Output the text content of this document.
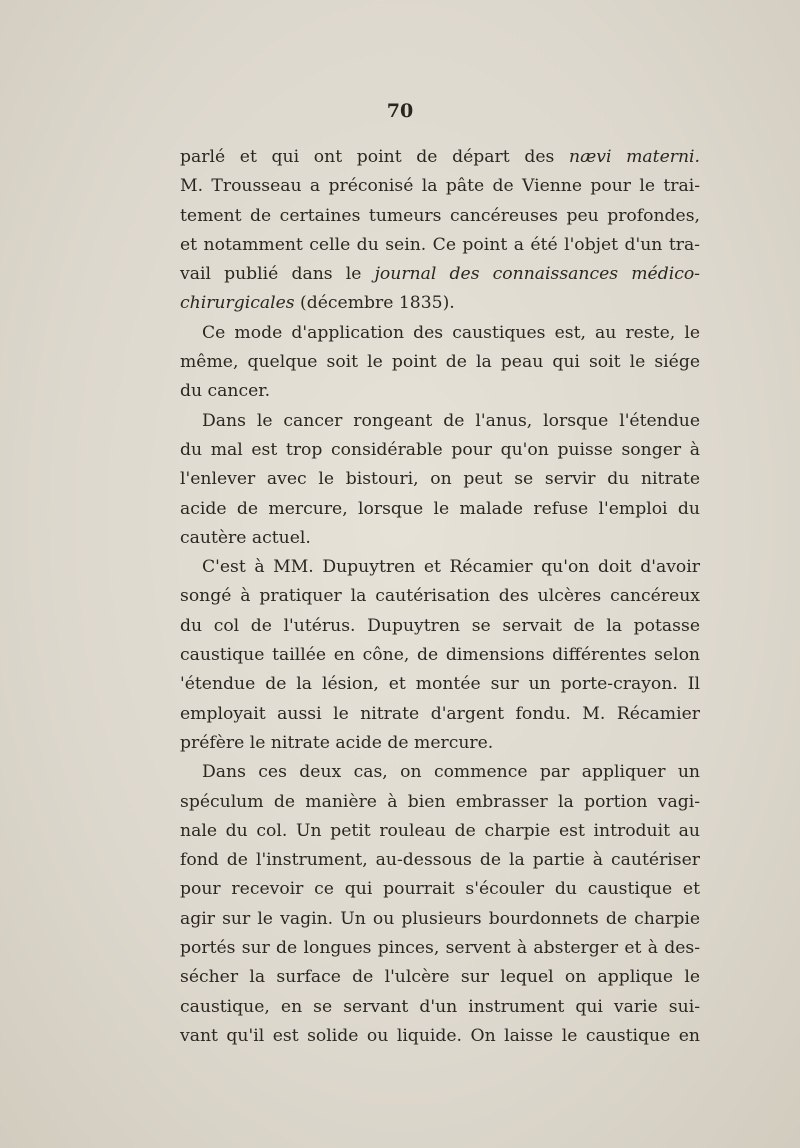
70
parlé et qui ont point de départ des nævi materni.
M. Trousseau a préconisé la pâte de Vienne pour le trai-
tement de certaines tumeurs cancéreuses peu profondes,
et notamment celle du sein. Ce point a été l'objet d'un tra-
vail publié dans le journal des connaissances médico-
chirurgicales (décembre 1835).
Ce mode d'application des caustiques est, au reste, le
même, quelque soit le point de la peau qui soit le siége
du cancer.
Dans le cancer rongeant de l'anus, lorsque l'étendue
du mal est trop considérable pour qu'on puisse songer à
l'enlever avec le bistouri, on peut se servir du nitrate
acide de mercure, lorsque le malade refuse l'emploi du
cautère actuel.
C'est à MM. Dupuytren et Récamier qu'on doit d'avoir
songé à pratiquer la cautérisation des ulcères cancéreux
du col de l'utérus. Dupuytren se servait de la potasse
caustique taillée en cône, de dimensions différentes selon
'étendue de la lésion, et montée sur un porte-crayon. Il
employait aussi le nitrate d'argent fondu. M. Récamier
préfère le nitrate acide de mercure.
Dans ces deux cas, on commence par appliquer un
spéculum de manière à bien embrasser la portion vagi-
nale du col. Un petit rouleau de charpie est introduit au
fond de l'instrument, au-dessous de la partie à cautériser
pour recevoir ce qui pourrait s'écouler du caustique et
agir sur le vagin. Un ou plusieurs bourdonnets de charpie
portés sur de longues pinces, servent à absterger et à des-
sécher la surface de l'ulcère sur lequel on applique le
caustique, en se servant d'un instrument qui varie sui-
vant qu'il est solide ou liquide. On laisse le caustique en
